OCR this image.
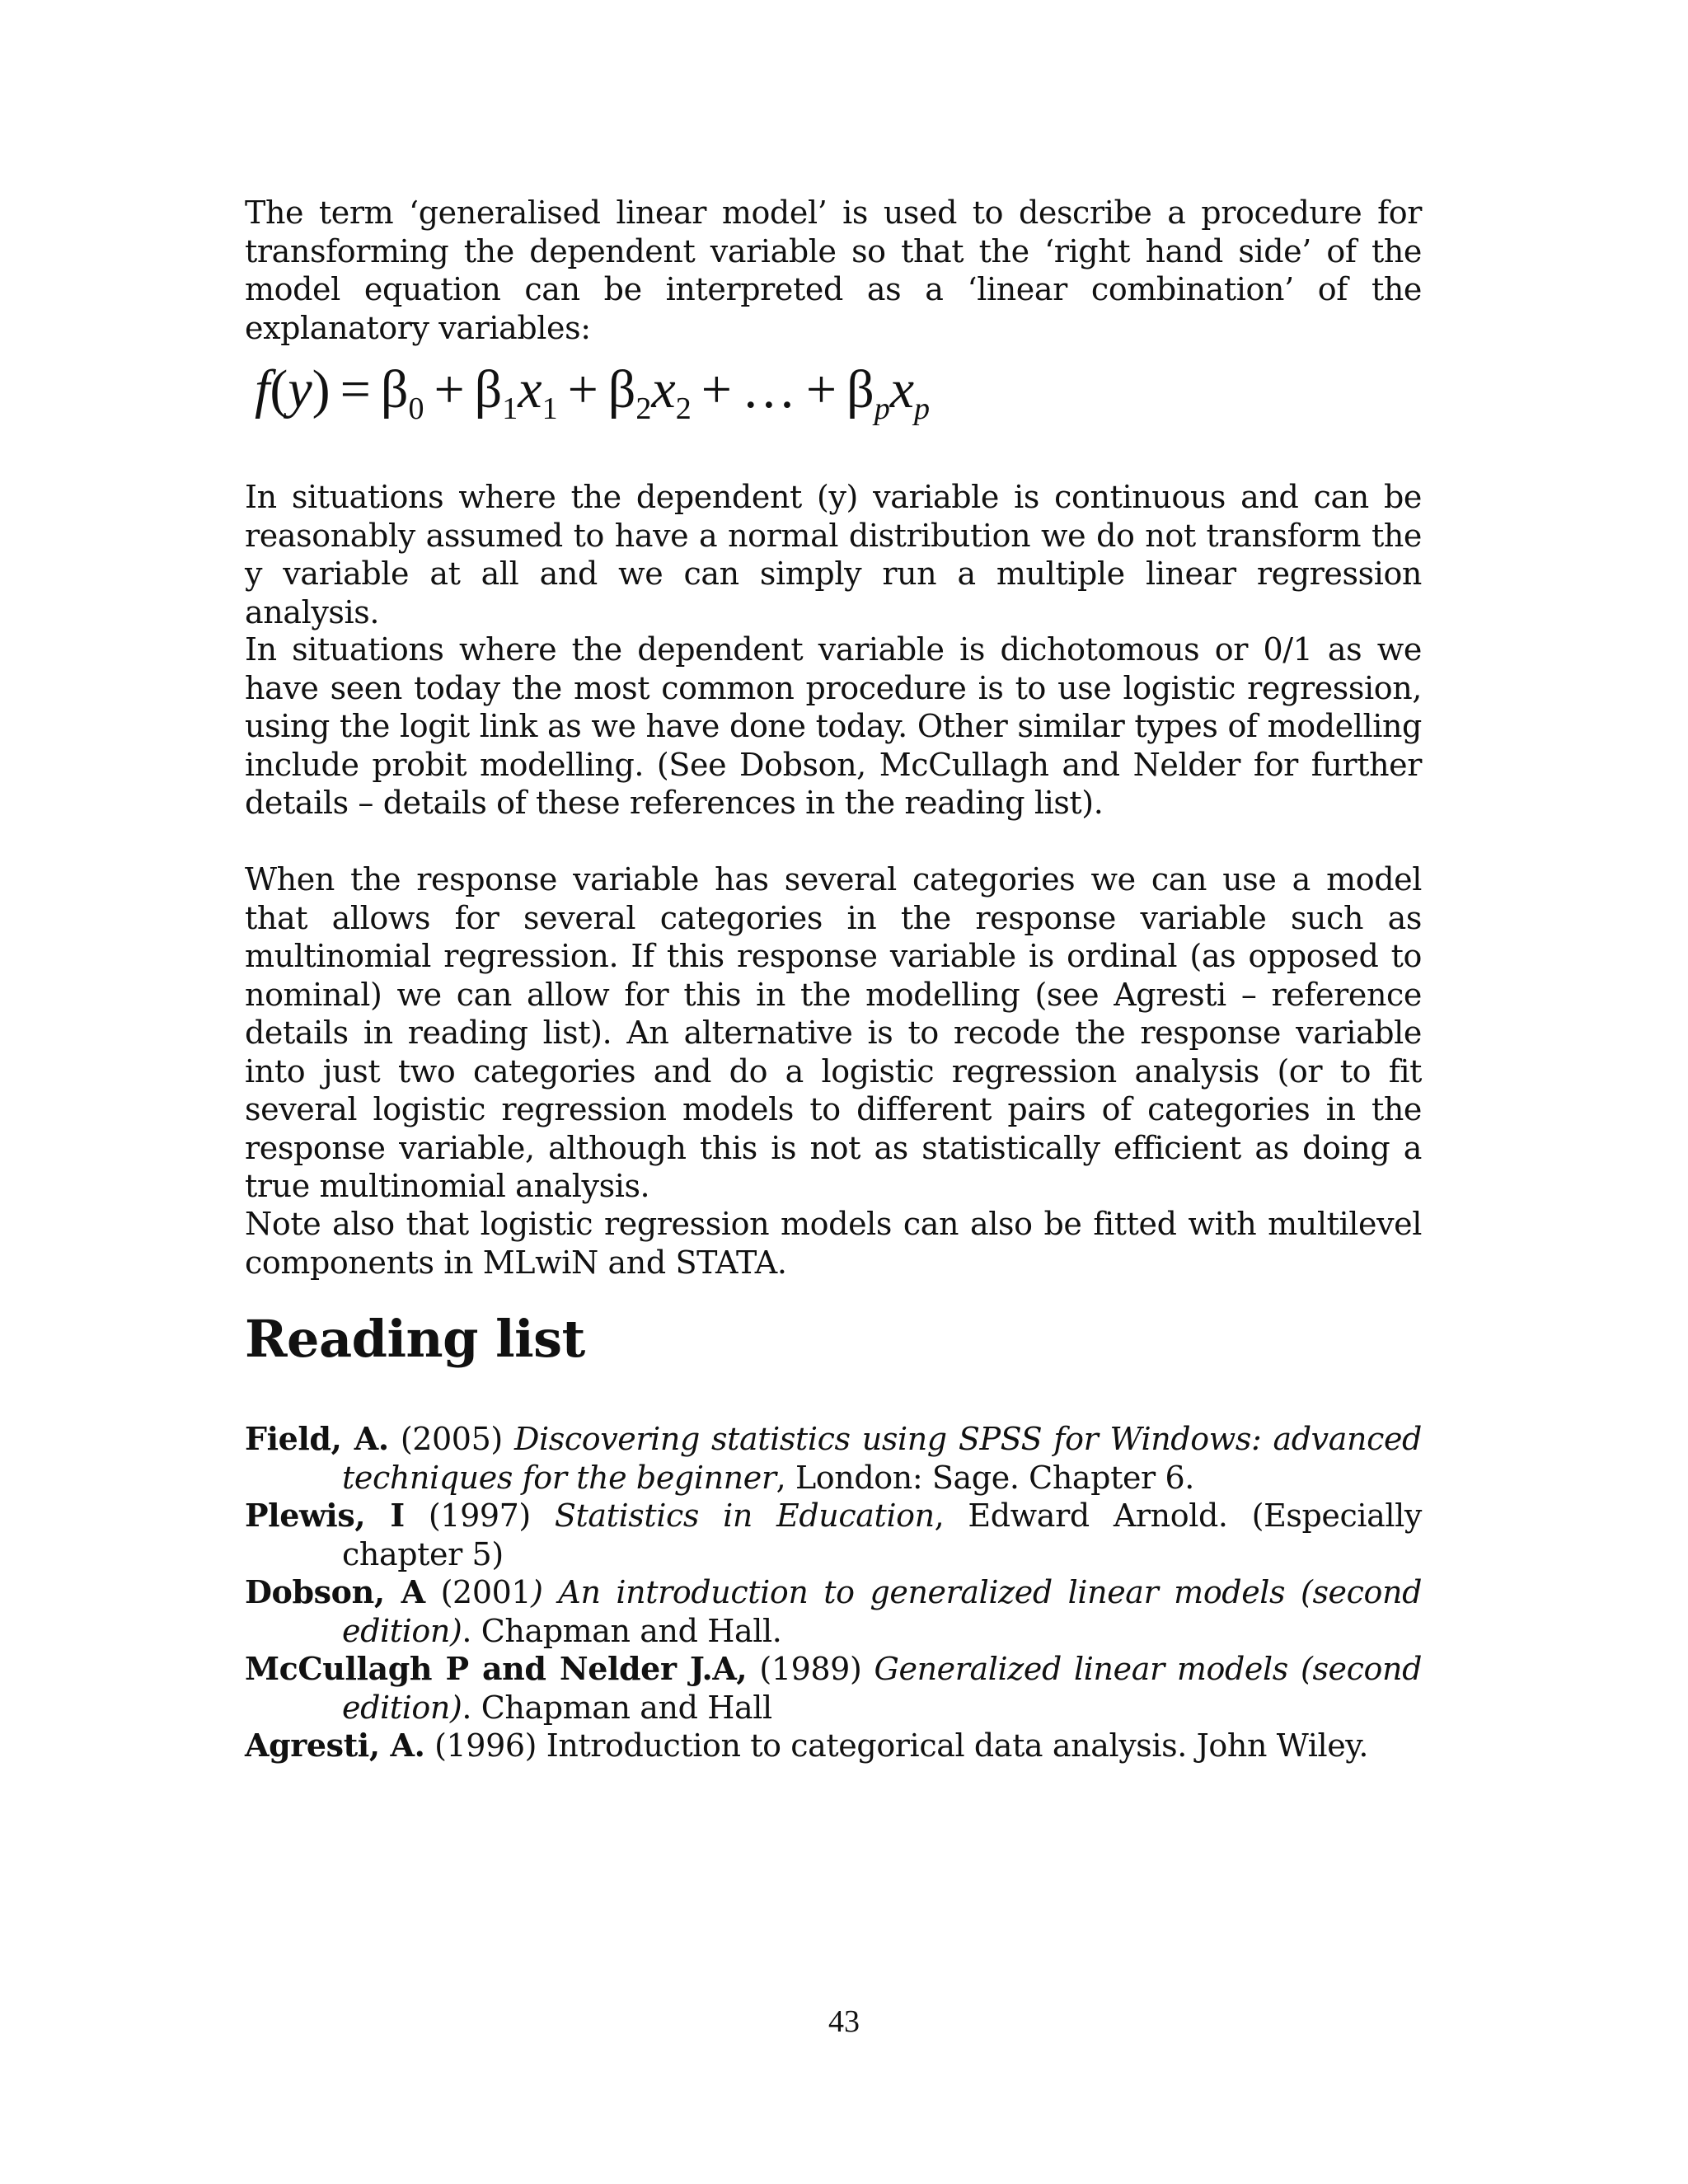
The term ‘generalised linear model’ is used to describe a procedure for transforming the dependent variable so that the ‘right hand side’ of the model equation can be interpreted as a ‘linear combination’ of the explanatory variables:

$f(y) = \beta_0 + \beta_1x_1 + \beta_2x_2$ + … + $\beta_px_p$

In situations where the dependent (y) variable is continuous and can be reasonably assumed to have a normal distribution we do not transform the y variable at all and we can simply run a multiple linear regression analysis.

In situations where the dependent variable is dichotomous or 0/1 as we have seen today the most common procedure is to use logistic regression, using the logit link as we have done today. Other similar types of modelling include probit modelling. (See Dobson, McCullagh and Nelder for further details – details of these references in the reading list).

When the response variable has several categories we can use a model that allows for several categories in the response variable such as multinomial regression. If this response variable is ordinal (as opposed to nominal) we can allow for this in the modelling (see Agresti – reference details in reading list). An alternative is to recode the response variable into just two categories and do a logistic regression analysis (or to fit several logistic regression models to different pairs of categories in the response variable, although this is not as statistically efficient as doing a true multinomial analysis.

Note also that logistic regression models can also be fitted with multilevel components in MLwiN and STATA.

Reading list
Field, A. (2005) Discovering statistics using SPSS for Windows: advanced techniques for the beginner, London: Sage. Chapter 6.
Plewis, I (1997) Statistics in Education, Edward Arnold. (Especially chapter 5)
Dobson, A (2001) An introduction to generalized linear models (second edition). Chapman and Hall.
McCullagh P and Nelder J.A, (1989) Generalized linear models (second edition). Chapman and Hall
Agresti, A. (1996) Introduction to categorical data analysis. John Wiley.
43
